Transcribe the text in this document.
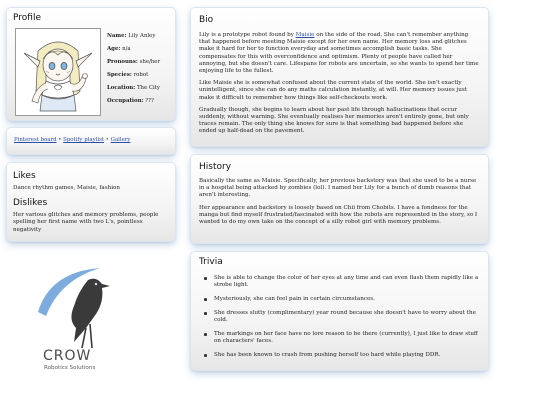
Profile
Name: Lily Anley
Age: n/a
Pronouns: she/her
Species: robot
Location: The City
Occupation: ???
Pinterest board • Spotify playlist • Gallery
Likes

Dance rhythm games, Maisie, fashion

Dislikes

Her various glitches and memory problems, people spelling her first name with two L's, pointless negativity

CROW
Robotics Solutions
Bio

Lily is a prototype robot found by Maisie on the side of the road. She can't remember anything that happened before meeting Maisie except for her own name. Her memory loss and glitches make it hard for her to function everyday and sometimes accomplish basic tasks. She compensates for this with overconfidence and optimism. Plenty of people have called her annoying, but she doesn't care. Lifespans for robots are uncertain, so she wants to spend her time enjoying life to the fullest.

Like Maisie she is somewhat confused about the current state of the world. She isn't exactly unintelligent, since she can do any maths calculation instantly, at will. Her memory issues just make it difficult to remember how things like self-checkouts work.

Gradually though, she begins to learn about her past life through hallucinations that occur suddenly, without warning. She eventually realises her memories aren't entirely gone, but only traces remain. The only thing she knows for sure is that something bad happened before she ended up half-dead on the pavement.

History

Basically the same as Maisie. Specifically, her previous backstory was that she used to be a nurse in a hospital being attacked by zombies (lol). I named her Lily for a bunch of dumb reasons that aren't interesting.

Her appearance and backstory is loosely based on Chii from Chobits. I have a fondness for the manga but find myself frustrated/fascinated with how the robots are represented in the story, so I wanted to do my own take on the concept of a silly robot girl with memory problems.

Trivia
She is able to change the color of her eyes at any time and can even flash them rapidly like a strobe light.
Mysteriously, she can feel pain in certain circumstances.
She dresses slutty (complimentary) year round because she doesn't have to worry about the cold.
The markings on her face have no lore reason to be there (currently), I just like to draw stuff on characters' faces.
She has been known to crash from pushing herself too hard while playing DDR.
